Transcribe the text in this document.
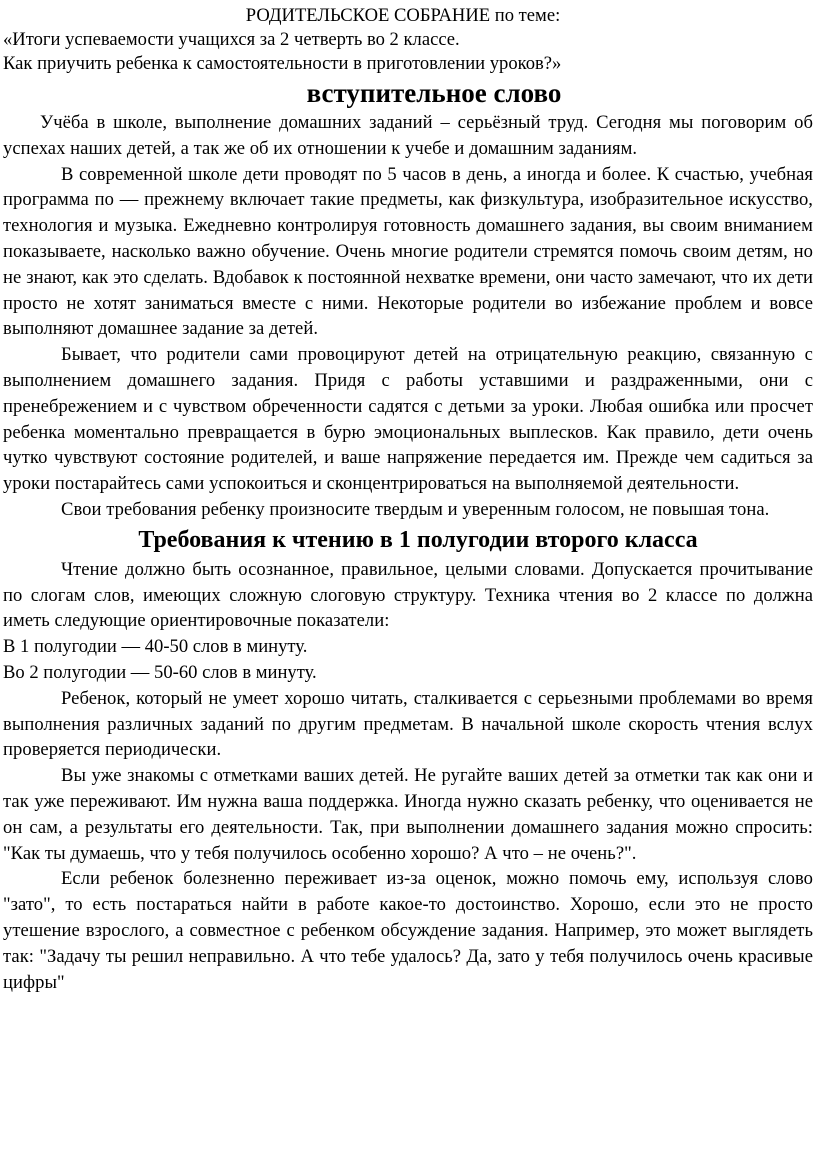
РОДИТЕЛЬСКОЕ СОБРАНИЕ по теме:

«Итоги успеваемости учащихся за 2 четверть во 2 классе.

Как приучить ребенка к самостоятельности в приготовлении уроков?»

вступительное слово

Учёба в школе, выполнение домашних заданий – серьёзный труд. Сегодня мы поговорим об успехах наших детей, а так же об их отношении к учебе и домашним заданиям.

В современной школе дети проводят по 5 часов в день, а иногда и более. К счастью, учебная программа по — прежнему включает такие предметы, как физкультура, изобразительное искусство, технология и музыка. Ежедневно контролируя готовность домашнего задания, вы своим вниманием показываете, насколько важно обучение. Очень многие родители стремятся помочь своим детям, но не знают, как это сделать. Вдобавок к постоянной нехватке времени, они часто замечают, что их дети просто не хотят заниматься вместе с ними. Некоторые родители во избежание проблем и вовсе выполняют домашнее задание за детей.

Бывает, что родители сами провоцируют детей на отрицательную реакцию, связанную с выполнением домашнего задания. Придя с работы уставшими и раздраженными, они с пренебрежением и с чувством обреченности садятся с детьми за уроки. Любая ошибка или просчет ребенка моментально превращается в бурю эмоциональных выплесков. Как правило, дети очень чутко чувствуют состояние родителей, и ваше напряжение передается им. Прежде чем садиться за уроки постарайтесь сами успокоиться и сконцентрироваться на выполняемой деятельности.

Свои требования ребенку произносите твердым и уверенным голосом, не повышая тона.

Требования к чтению в 1 полугодии второго класса

Чтение должно быть осознанное, правильное, целыми словами. Допускается прочитывание по слогам слов, имеющих сложную слоговую структуру. Техника чтения во 2 классе по должна иметь следующие ориентировочные показатели:

В 1 полугодии — 40-50 слов в минуту.

Во 2 полугодии — 50-60 слов в минуту.

Ребенок, который не умеет хорошо читать, сталкивается с серьезными проблемами во время выполнения различных заданий по другим предметам. В начальной школе скорость чтения вслух проверяется периодически.

Вы уже знакомы с отметками ваших детей. Не ругайте ваших детей за отметки так как они и так уже переживают. Им нужна ваша поддержка. Иногда нужно сказать ребенку, что оценивается не он сам, а результаты его деятельности. Так, при выполнении домашнего задания можно спросить: "Как ты думаешь, что у тебя получилось особенно хорошо? А что – не очень?".

Если ребенок болезненно переживает из-за оценок, можно помочь ему, используя слово "зато", то есть постараться найти в работе какое-то достоинство. Хорошо, если это не просто утешение взрослого, а совместное с ребенком обсуждение задания. Например, это может выглядеть так: "Задачу ты решил неправильно. А что тебе удалось? Да, зато у тебя получилось очень красивые цифры"
